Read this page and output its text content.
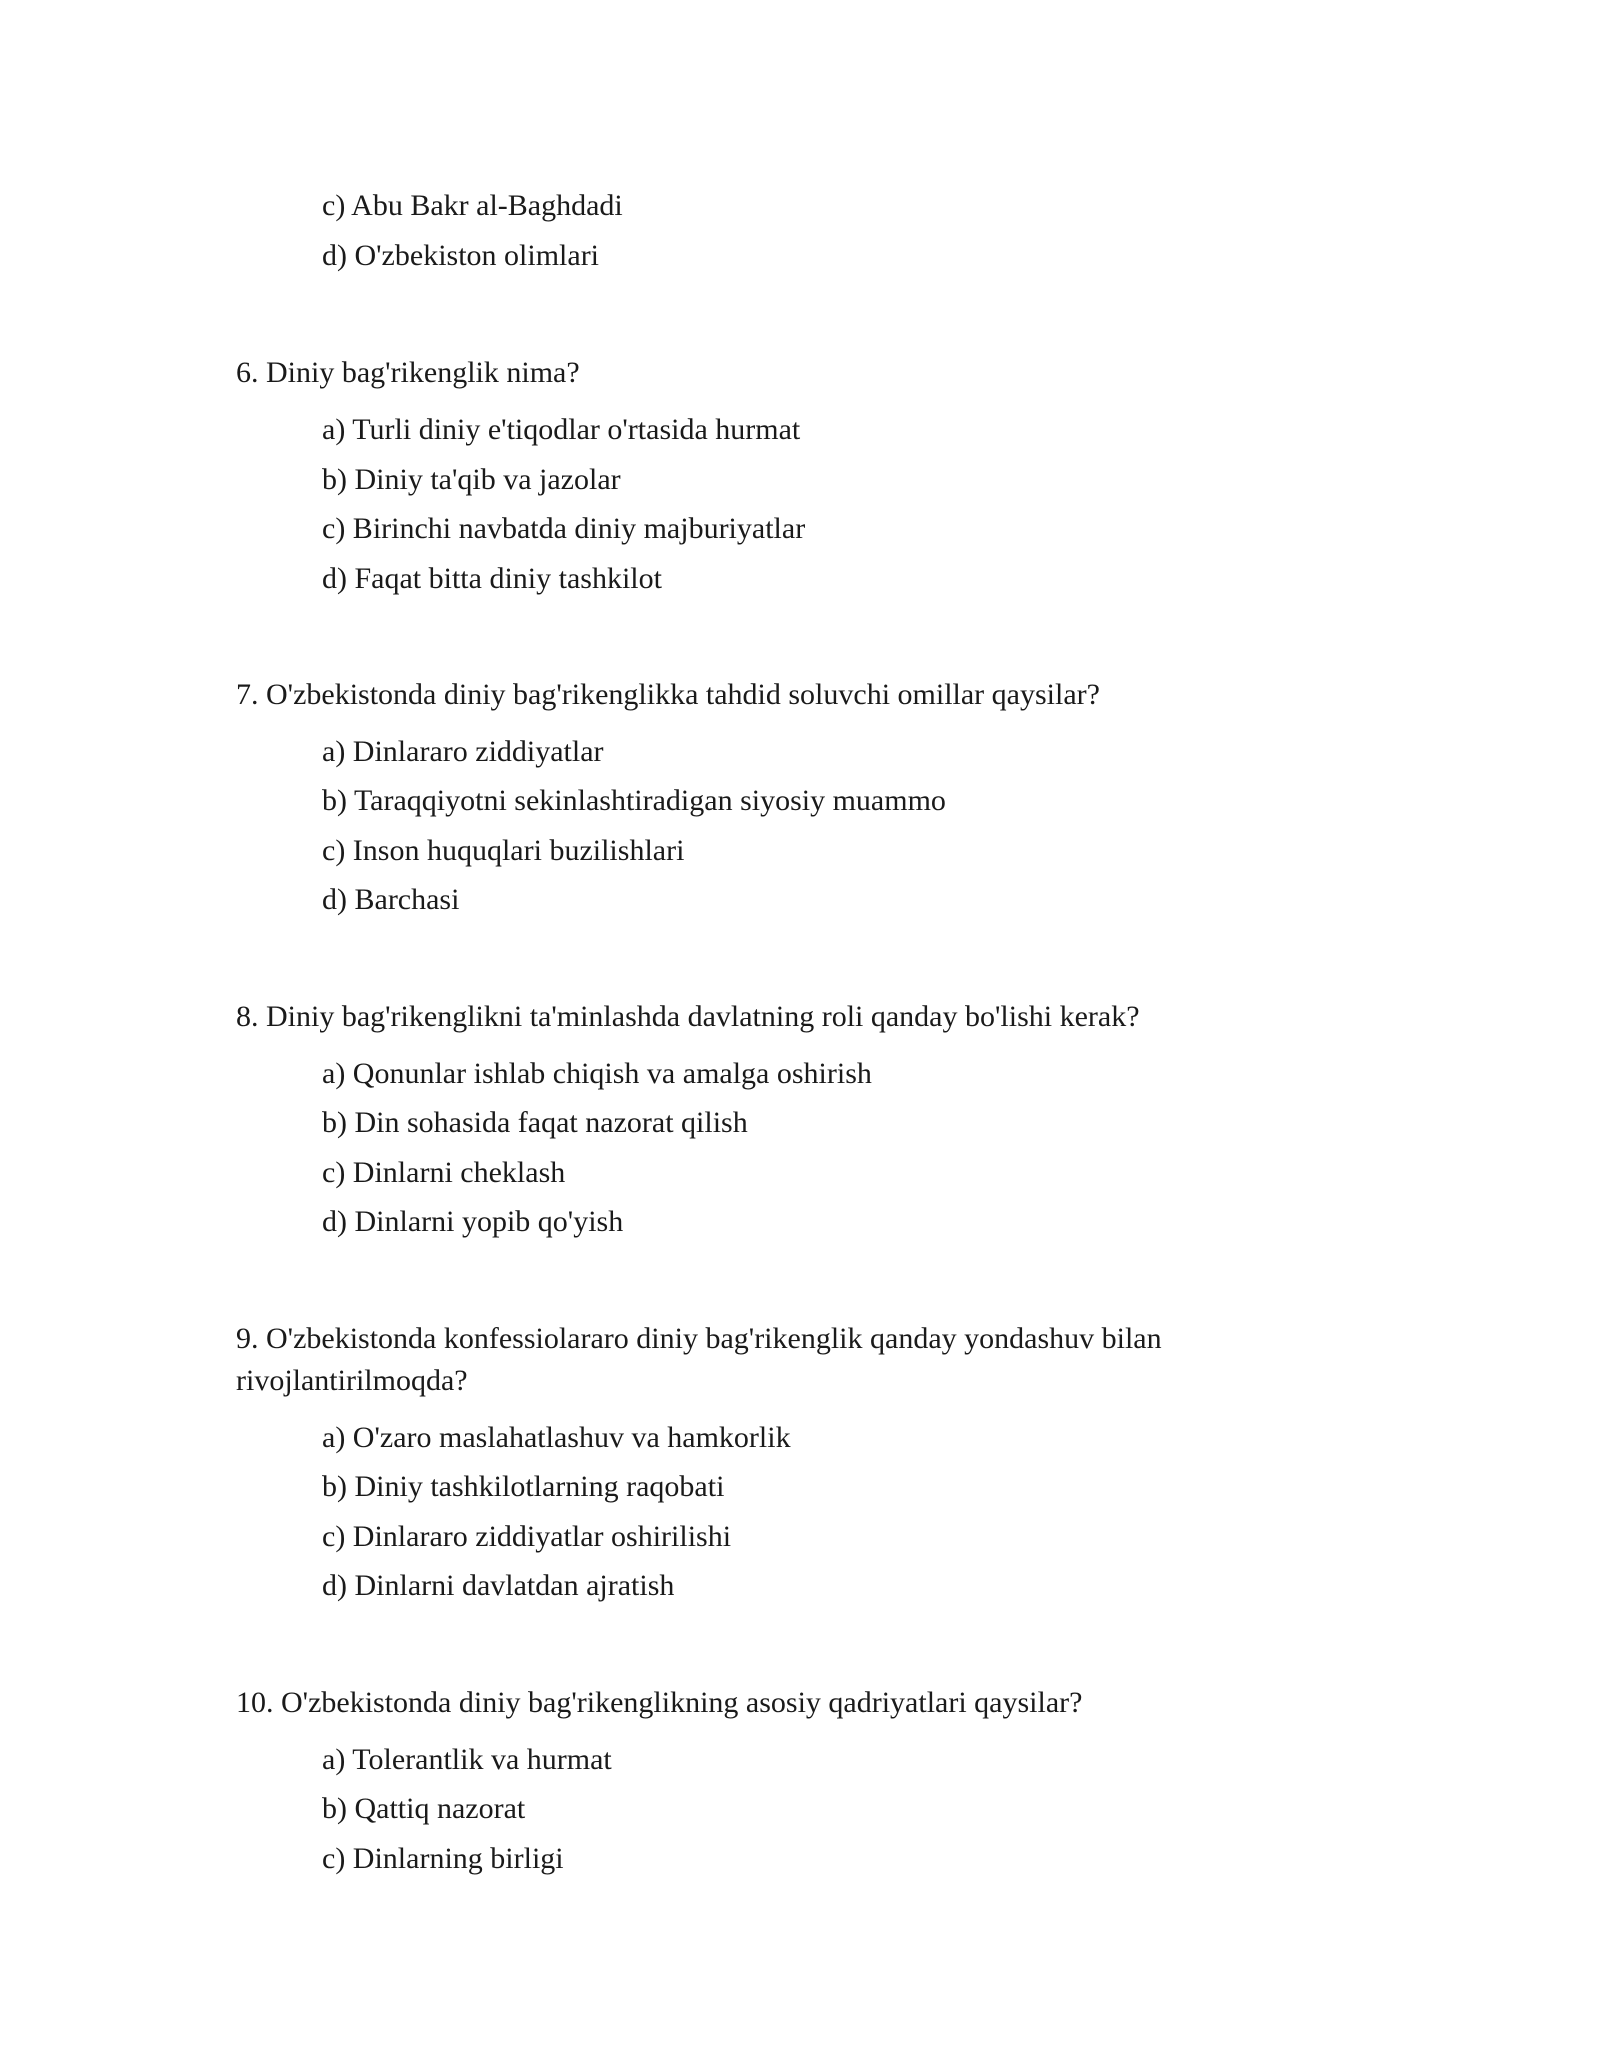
c) Abu Bakr al-Baghdadi
d) O'zbekiston olimlari
6. Diniy bag'rikenglik nima?
a) Turli diniy e'tiqodlar o'rtasida hurmat
b) Diniy ta'qib va jazolar
c) Birinchi navbatda diniy majburiyatlar
d) Faqat bitta diniy tashkilot
7. O'zbekistonda diniy bag'rikenglikka tahdid soluvchi omillar qaysilar?
a) Dinlararo ziddiyatlar
b) Taraqqiyotni sekinlashtiradigan siyosiy muammo
c) Inson huquqlari buzilishlari
d) Barchasi
8. Diniy bag'rikenglikni ta'minlashda davlatning roli qanday bo'lishi kerak?
a) Qonunlar ishlab chiqish va amalga oshirish
b) Din sohasida faqat nazorat qilish
c) Dinlarni cheklash
d) Dinlarni yopib qo'yish
9. O'zbekistonda konfessiolararo diniy bag'rikenglik qanday yondashuv bilan
rivojlantirilmoqda?
a) O'zaro maslahatlashuv va hamkorlik
b) Diniy tashkilotlarning raqobati
c) Dinlararo ziddiyatlar oshirilishi
d) Dinlarni davlatdan ajratish
10. O'zbekistonda diniy bag'rikenglikning asosiy qadriyatlari qaysilar?
a) Tolerantlik va hurmat
b) Qattiq nazorat
c) Dinlarning birligi
